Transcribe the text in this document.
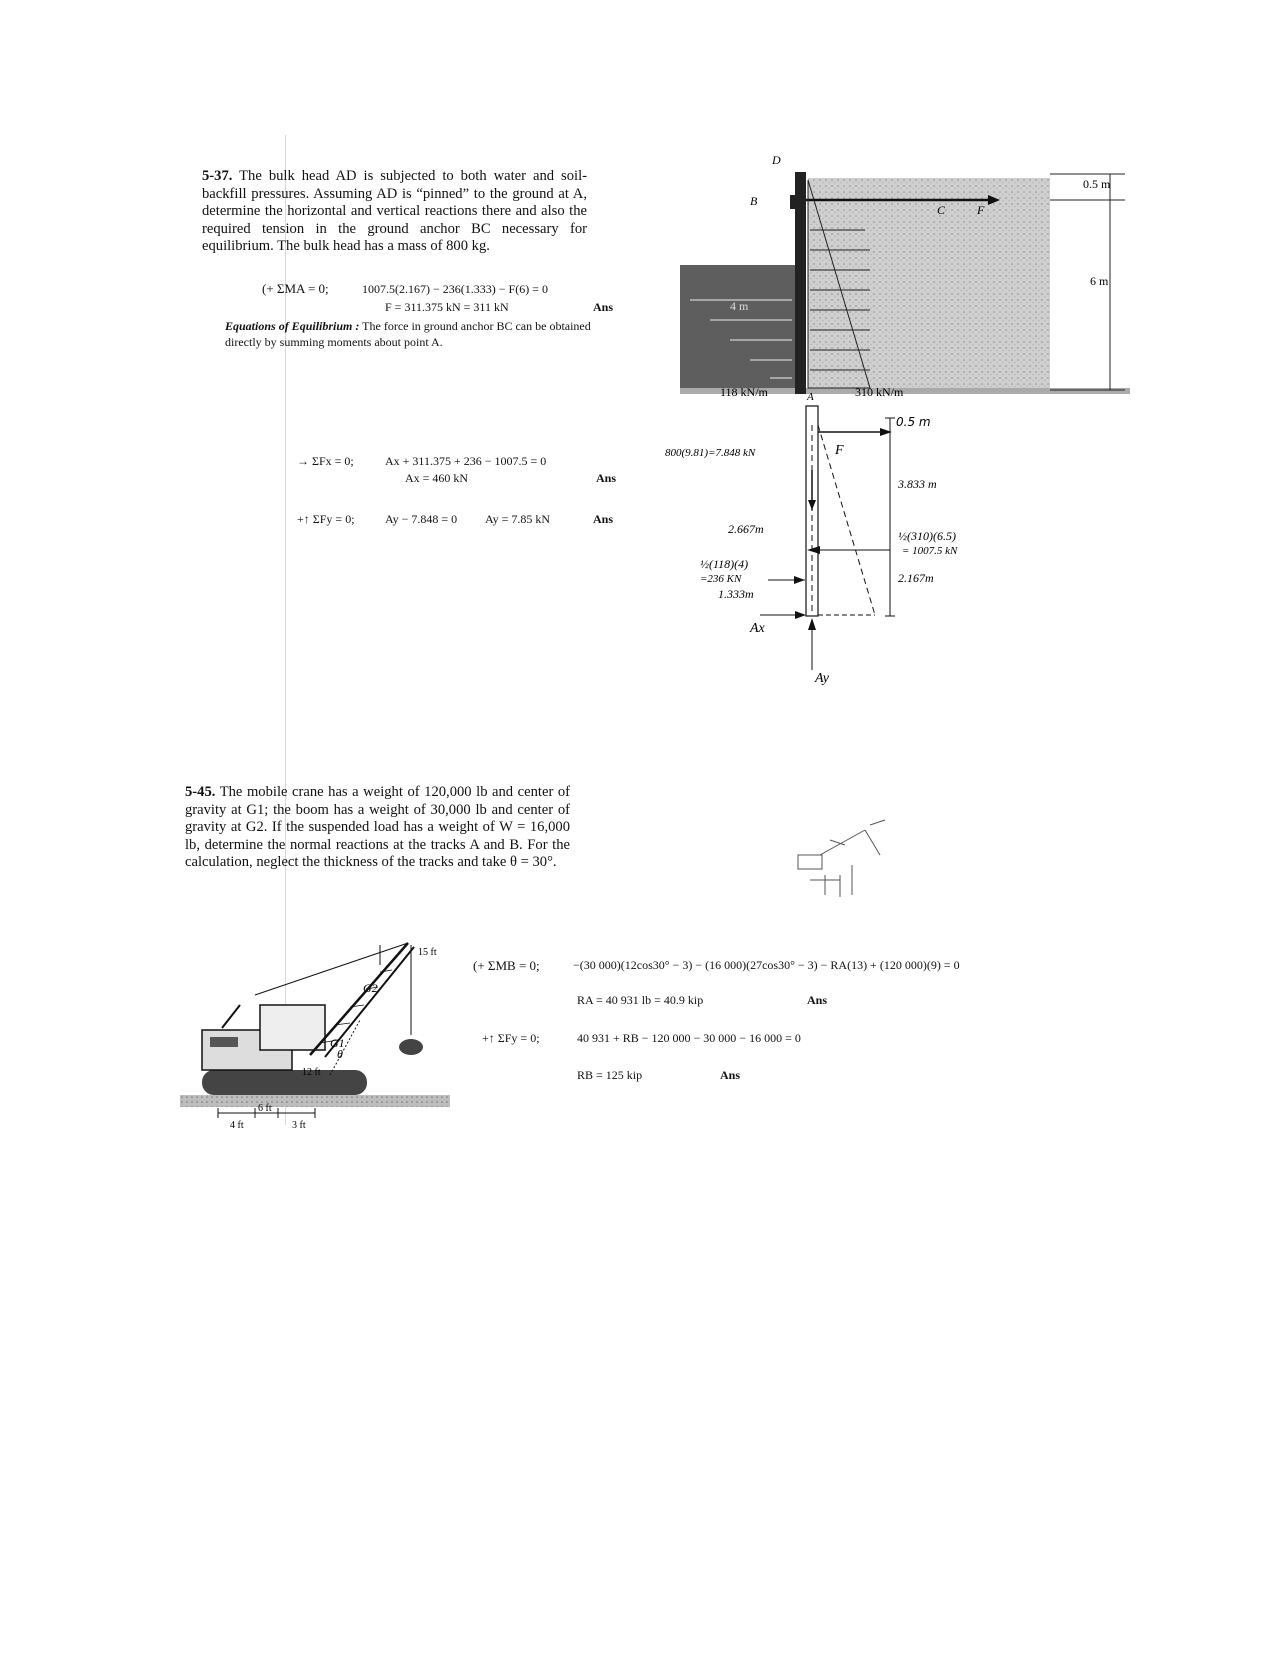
5-37. The bulk head AD is subjected to both water and soil-backfill pressures. Assuming AD is “pinned” to the ground at A, determine the horizontal and vertical reactions there and also the required tension in the ground anchor BC necessary for equilibrium. The bulk head has a mass of 800 kg.
Equations of Equilibrium : The force in ground anchor BC can be obtained directly by summing moments about point A.
(+ ΣMA = 0;	1007.5(2.167) − 236(1.333) − F(6) = 0
F = 311.375 kN = 311 kN	Ans
→ ΣFx = 0;	Ax + 311.375 + 236 − 1007.5 = 0
Ax = 460 kN	Ans
+↑ ΣFy = 0;	Ay − 7.848 = 0 Ay = 7.85 kN	Ans
D
B
C	F
A
0.5 m
6 m
4 m
118 kN/m	310 kN/m
0.5 m
F
800(9.81)=7.848 kN
3.833 m
2.667m	½(310)(6.5)
= 1007.5 kN
2.167m
½(118)(4)
=236 KN
1.333m
Ax
Ay
5-45. The mobile crane has a weight of 120,000 lb and center of gravity at G1; the boom has a weight of 30,000 lb and center of gravity at G2. If the suspended load has a weight of W = 16,000 lb, determine the normal reactions at the tracks A and B. For the calculation, neglect the thickness of the tracks and take θ = 30°.
G1
G2
θ
15 ft
12 ft
4 ft
6 ft
3 ft
(+ ΣMB = 0;	−(30 000)(12cos30° − 3) − (16 000)(27cos30° − 3) − RA(13) + (120 000)(9) = 0
RA = 40 931 lb = 40.9 kip	Ans
+↑ ΣFy = 0;	40 931 + RB − 120 000 − 30 000 − 16 000 = 0
RB = 125 kip	Ans
